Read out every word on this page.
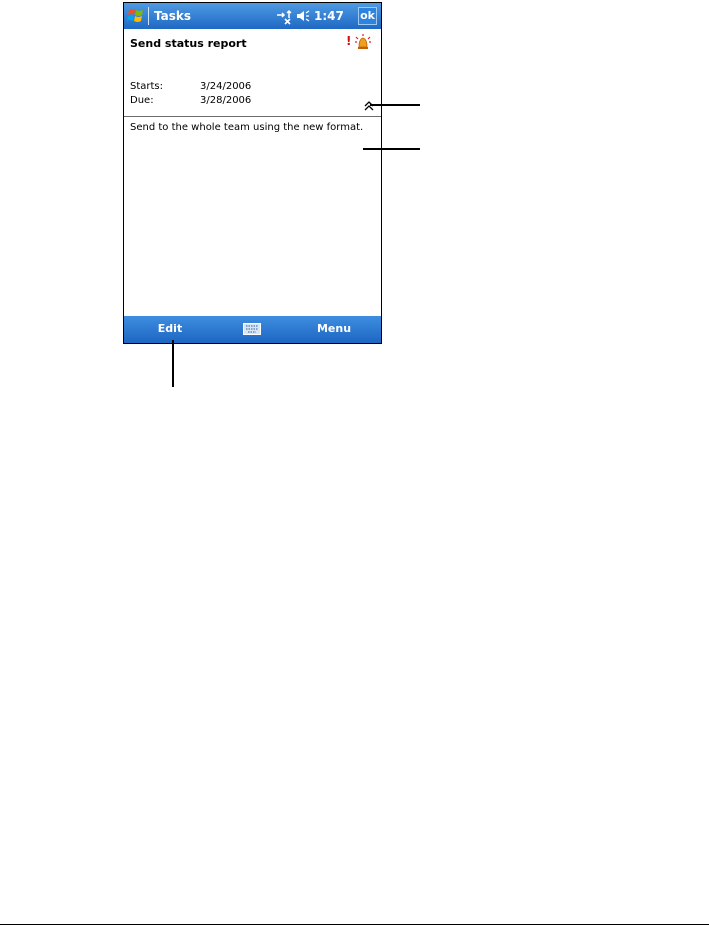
Tasks	1:47 ok
Send status report	!
Starts:	3/24/2006
Due:	3/28/2006
Send to the whole team using the new format.
Edit	Menu
